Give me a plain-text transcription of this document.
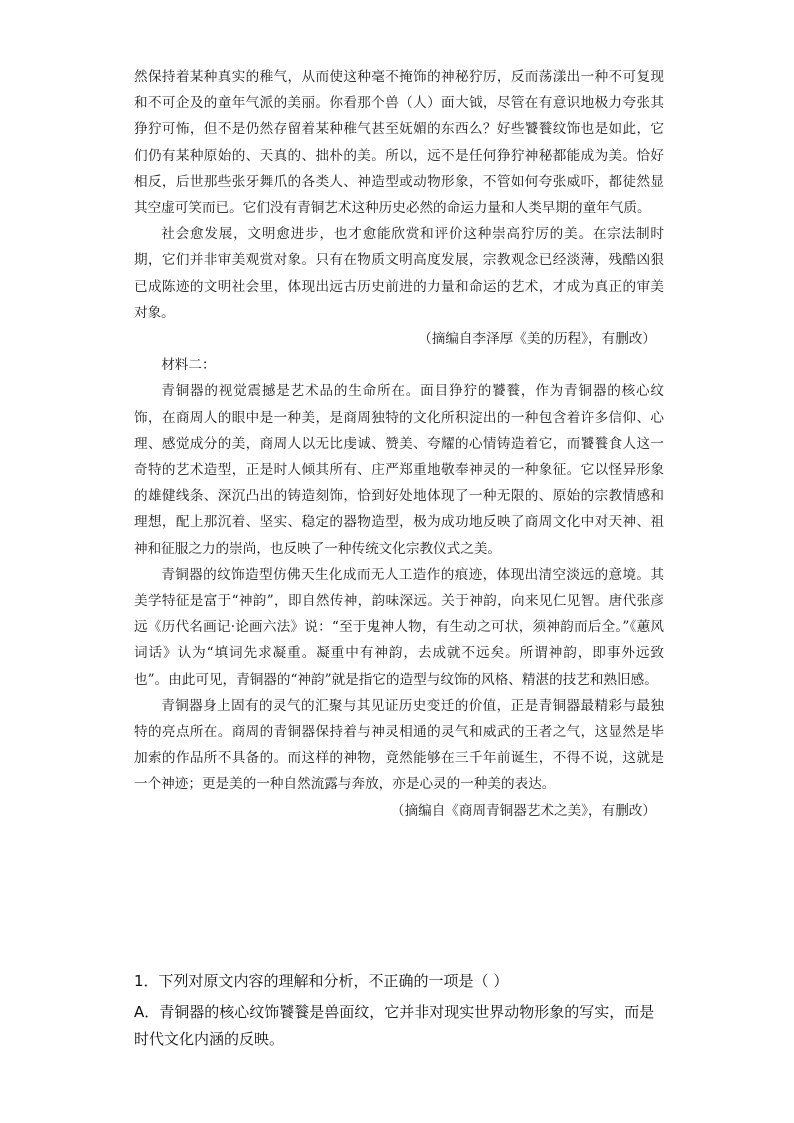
然保持着某种真实的稚气，从而使这种毫不掩饰的神秘狞厉，反而荡漾出一种不可复现和不可企及的童年气派的美丽。你看那个兽（人）面大钺，尽管在有意识地极力夸张其狰狞可怖，但不是仍然存留着某种稚气甚至妩媚的东西么？好些饕餮纹饰也是如此，它们仍有某种原始的、天真的、拙朴的美。所以，远不是任何狰狞神秘都能成为美。恰好相反，后世那些张牙舞爪的各类人、神造型或动物形象，不管如何夸张威吓，都徒然显其空虚可笑而已。它们没有青铜艺术这种历史必然的命运力量和人类早期的童年气质。

社会愈发展，文明愈进步，也才愈能欣赏和评价这种崇高狞厉的美。在宗法制时期，它们并非审美观赏对象。只有在物质文明高度发展，宗教观念已经淡薄，残酷凶狠已成陈迹的文明社会里，体现出远古历史前进的力量和命运的艺术，才成为真正的审美对象。

（摘编自李泽厚《美的历程》，有删改）

材料二：

青铜器的视觉震撼是艺术品的生命所在。面目狰狞的饕餮，作为青铜器的核心纹饰，在商周人的眼中是一种美，是商周独特的文化所积淀出的一种包含着许多信仰、心理、感觉成分的美，商周人以无比虔诚、赞美、夸耀的心情铸造着它，而饕餮食人这一奇特的艺术造型，正是时人倾其所有、庄严郑重地敬奉神灵的一种象征。它以怪异形象的雄健线条、深沉凸出的铸造刻饰，恰到好处地体现了一种无限的、原始的宗教情感和理想，配上那沉着、坚实、稳定的器物造型，极为成功地反映了商周文化中对天神、祖神和征服之力的崇尚，也反映了一种传统文化宗教仪式之美。

青铜器的纹饰造型仿佛天生化成而无人工造作的痕迹，体现出清空淡远的意境。其美学特征是富于“神韵”，即自然传神，韵味深远。关于神韵，向来见仁见智。唐代张彦远《历代名画记·论画六法》说：“至于鬼神人物，有生动之可状，须神韵而后全。”《蕙风词话》认为“填词先求凝重。凝重中有神韵，去成就不远矣。所谓神韵，即事外远致也”。由此可见，青铜器的“神韵”就是指它的造型与纹饰的风格、精湛的技艺和熟旧感。

青铜器身上固有的灵气的汇聚与其见证历史变迁的价值，正是青铜器最精彩与最独特的亮点所在。商周的青铜器保持着与神灵相通的灵气和威武的王者之气，这显然是毕加索的作品所不具备的。而这样的神物，竟然能够在三千年前诞生，不得不说，这就是一个神迹；更是美的一种自然流露与奔放，亦是心灵的一种美的表达。

（摘编自《商周青铜器艺术之美》，有删改）

1．下列对原文内容的理解和分析，不正确的一项是（ ）

A．青铜器的核心纹饰饕餮是兽面纹，它并非对现实世界动物形象的写实，而是时代文化内涵的反映。
